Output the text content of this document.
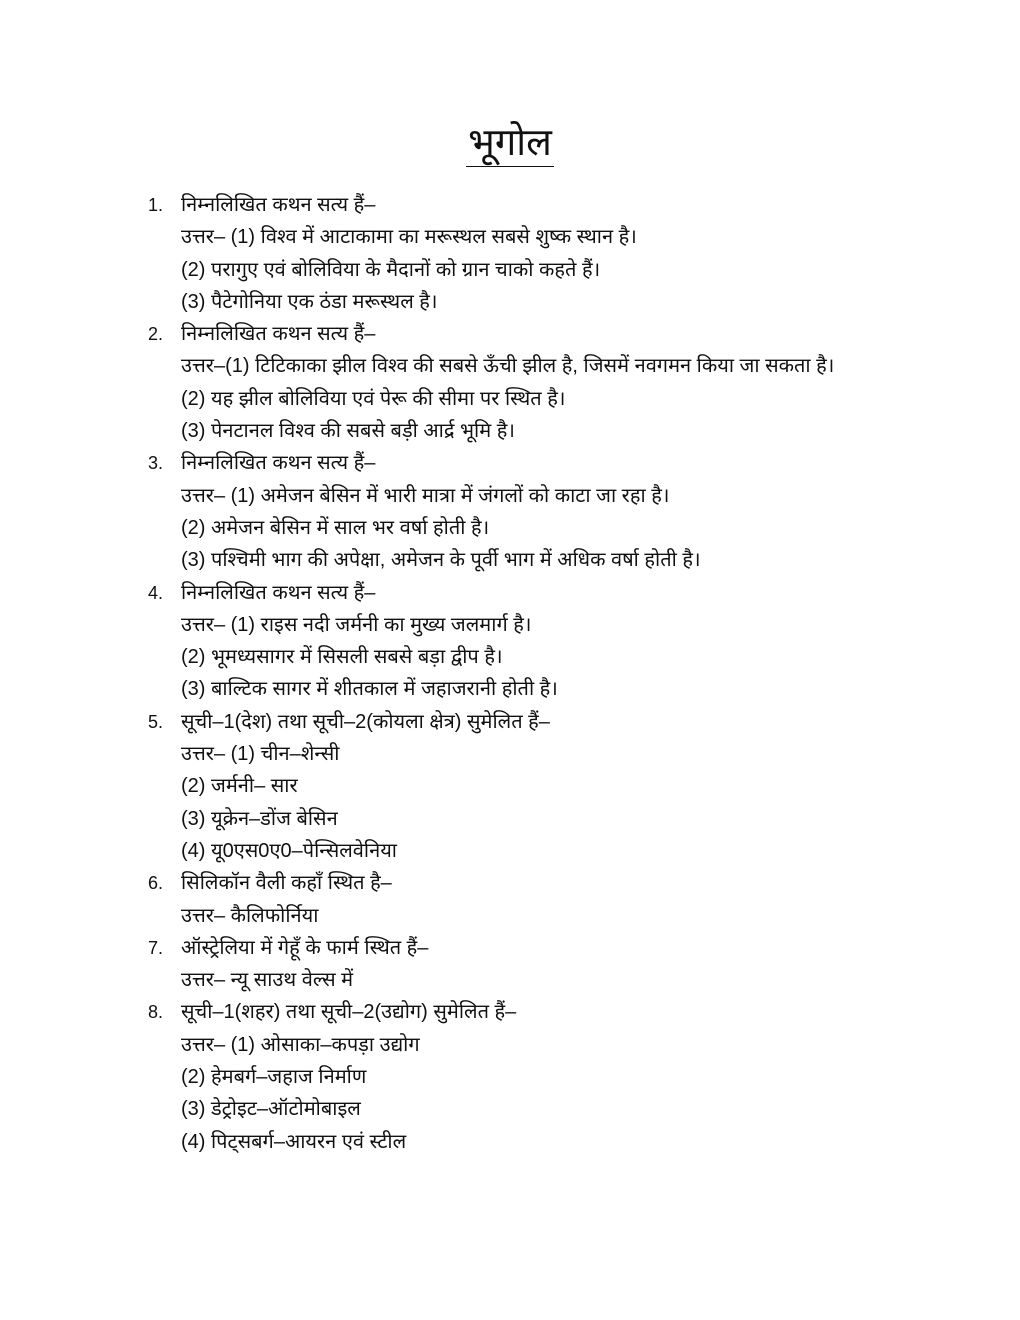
भूगोल
1. निम्नलिखित कथन सत्य हैं–
उत्तर– (1) विश्व में आटाकामा का मरूस्थल सबसे शुष्क स्थान है।
(2) परागुए एवं बोलिविया के मैदानों को ग्रान चाको कहते हैं।
(3) पैटेगोनिया एक ठंडा मरूस्थल है।
2. निम्नलिखित कथन सत्य हैं–
उत्तर–(1) टिटिकाका झील विश्व की सबसे ऊँची झील है, जिसमें नवगमन किया जा सकता है।
(2) यह झील बोलिविया एवं पेरू की सीमा पर स्थित है।
(3) पेनटानल विश्व की सबसे बड़ी आर्द्र भूमि है।
3. निम्नलिखित कथन सत्य हैं–
उत्तर– (1) अमेजन बेसिन में भारी मात्रा में जंगलों को काटा जा रहा है।
(2) अमेजन बेसिन में साल भर वर्षा होती है।
(3) पश्चिमी भाग की अपेक्षा, अमेजन के पूर्वी भाग में अधिक वर्षा होती है।
4. निम्नलिखित कथन सत्य हैं–
उत्तर– (1) राइस नदी जर्मनी का मुख्य जलमार्ग है।
(2) भूमध्यसागर में सिसली सबसे बड़ा द्वीप है।
(3) बाल्टिक सागर में शीतकाल में जहाजरानी होती है।
5. सूची–1(देश) तथा सूची–2(कोयला क्षेत्र) सुमेलित हैं–
उत्तर– (1) चीन–शेन्सी
(2) जर्मनी– सार
(3) यूक्रेन–डोंज बेसिन
(4) यू0एस0ए0–पेन्सिलवेनिया
6. सिलिकॉन वैली कहाँ स्थित है–
उत्तर– कैलिफोर्निया
7. ऑस्ट्रेलिया में गेहूँ के फार्म स्थित हैं–
उत्तर– न्यू साउथ वेल्स में
8. सूची–1(शहर) तथा सूची–2(उद्योग) सुमेलित हैं–
उत्तर– (1) ओसाका–कपड़ा उद्योग
(2) हेमबर्ग–जहाज निर्माण
(3) डेट्रोइट–ऑटोमोबाइल
(4) पिट्सबर्ग–आयरन एवं स्टील
